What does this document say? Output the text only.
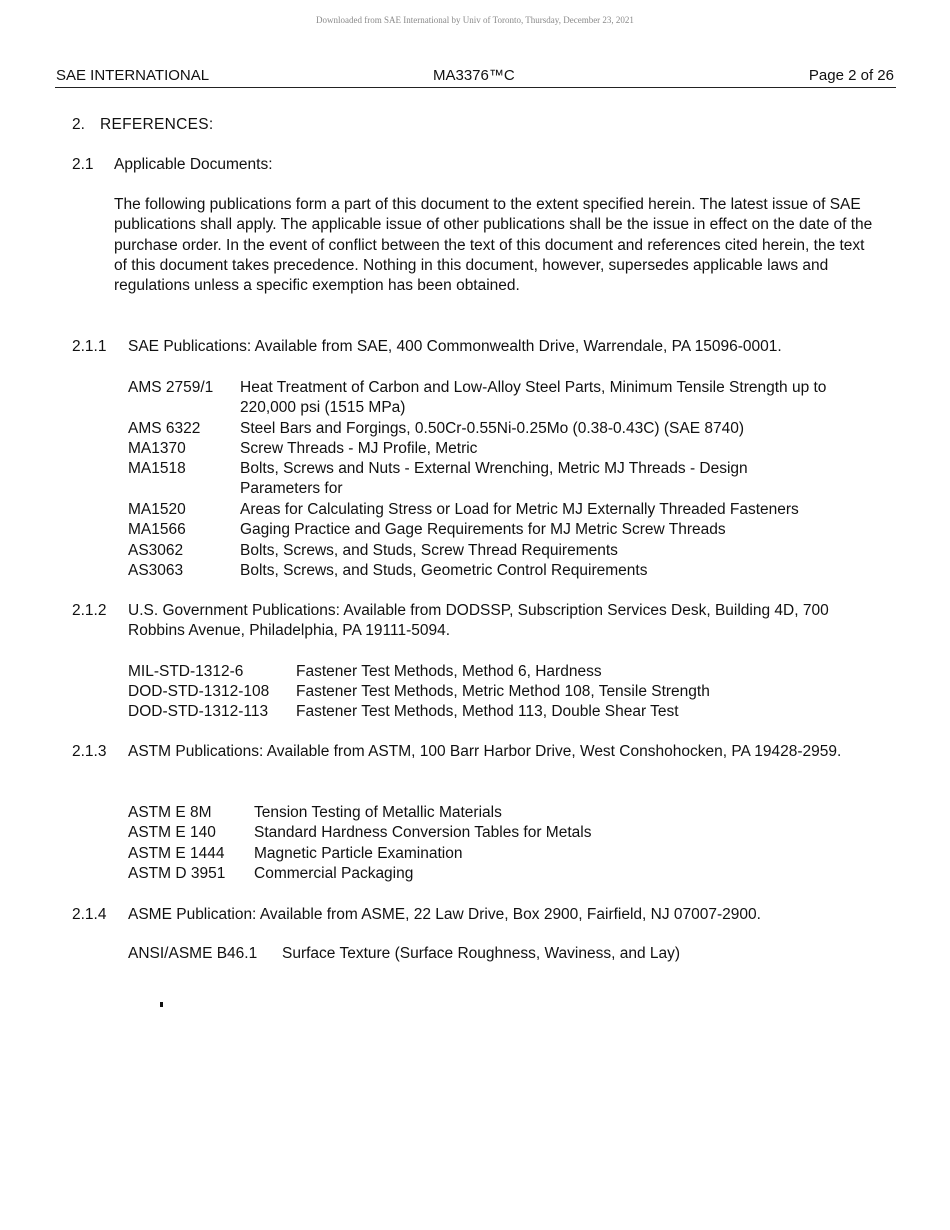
Downloaded from SAE International by Univ of Toronto, Thursday, December 23, 2021
SAE INTERNATIONAL	MA3376™C	Page 2 of 26
2. REFERENCES:
2.1 Applicable Documents:
The following publications form a part of this document to the extent specified herein. The latest issue of SAE publications shall apply. The applicable issue of other publications shall be the issue in effect on the date of the purchase order. In the event of conflict between the text of this document and references cited herein, the text of this document takes precedence. Nothing in this document, however, supersedes applicable laws and regulations unless a specific exemption has been obtained.
2.1.1 SAE Publications: Available from SAE, 400 Commonwealth Drive, Warrendale, PA 15096-0001.
AMS 2759/1 Heat Treatment of Carbon and Low-Alloy Steel Parts, Minimum Tensile Strength up to 220,000 psi (1515 MPa)
AMS 6322	Steel Bars and Forgings, 0.50Cr-0.55Ni-0.25Mo (0.38-0.43C) (SAE 8740)
MA1370	Screw Threads - MJ Profile, Metric
MA1518	Bolts, Screws and Nuts - External Wrenching, Metric MJ Threads - Design Parameters for
MA1520	Areas for Calculating Stress or Load for Metric MJ Externally Threaded Fasteners
MA1566	Gaging Practice and Gage Requirements for MJ Metric Screw Threads
AS3062	Bolts, Screws, and Studs, Screw Thread Requirements
AS3063	Bolts, Screws, and Studs, Geometric Control Requirements
2.1.2 U.S. Government Publications: Available from DODSSP, Subscription Services Desk, Building 4D, 700 Robbins Avenue, Philadelphia, PA 19111-5094.
MIL-STD-1312-6	Fastener Test Methods, Method 6, Hardness
DOD-STD-1312-108 Fastener Test Methods, Metric Method 108, Tensile Strength
DOD-STD-1312-113 Fastener Test Methods, Method 113, Double Shear Test
2.1.3 ASTM Publications: Available from ASTM, 100 Barr Harbor Drive, West Conshohocken, PA 19428-2959.
ASTM E 8M	Tension Testing of Metallic Materials
ASTM E 140 Standard Hardness Conversion Tables for Metals
ASTM E 1444 Magnetic Particle Examination
ASTM D 3951 Commercial Packaging
2.1.4 ASME Publication: Available from ASME, 22 Law Drive, Box 2900, Fairfield, NJ 07007-2900.
ANSI/ASME B46.1 Surface Texture (Surface Roughness, Waviness, and Lay)
